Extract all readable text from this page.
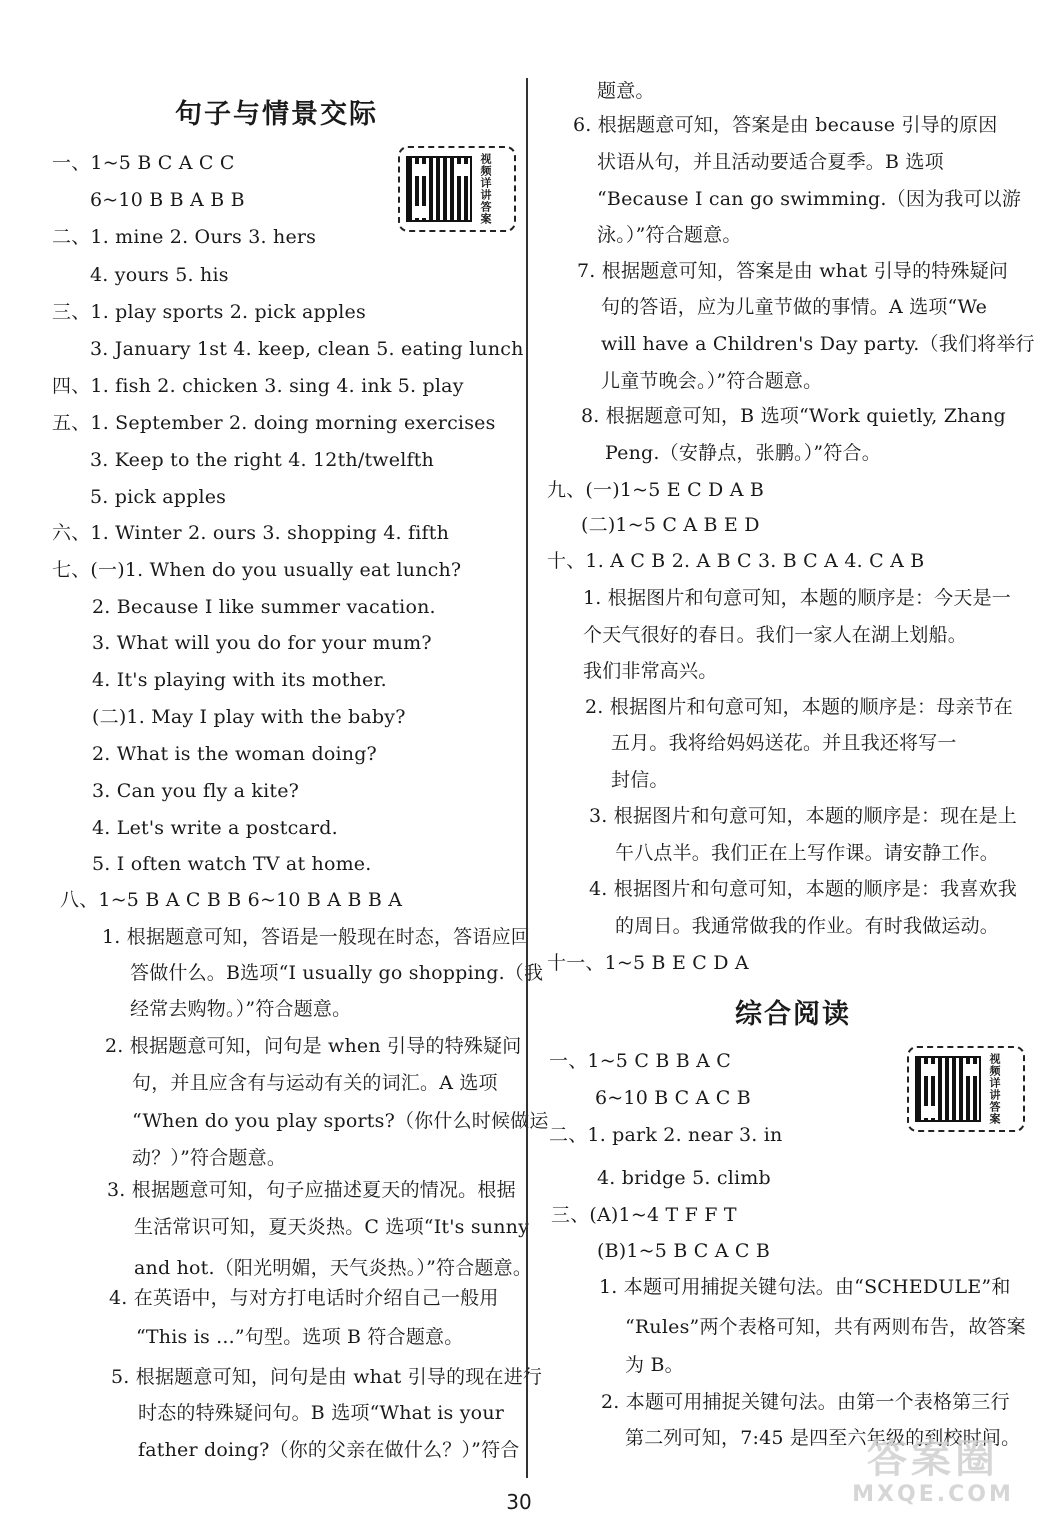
句子与情景交际
视频详讲答案
一、1~5 B C A C C
6~10 B B A B B
二、1. mine 2. Ours 3. hers
4. yours 5. his
三、1. play sports 2. pick apples
3. January 1st 4. keep, clean 5. eating lunch
四、1. fish 2. chicken 3. sing 4. ink 5. play
五、1. September 2. doing morning exercises
3. Keep to the right 4. 12th/twelfth
5. pick apples
六、1. Winter 2. ours 3. shopping 4. fifth
七、(一)1. When do you usually eat lunch?
2. Because I like summer vacation.
3. What will you do for your mum?
4. It's playing with its mother.
(二)1. May I play with the baby?
2. What is the woman doing?
3. Can you fly a kite?
4. Let's write a postcard.
5. I often watch TV at home.
八、1~5 B A C B B 6~10 B A B B A
1. 根据题意可知，答语是一般现在时态，答语应回
答做什么。B选项“I usually go shopping.（我
经常去购物。）”符合题意。
2. 根据题意可知，问句是 when 引导的特殊疑问
句，并且应含有与运动有关的词汇。A 选项
“When do you play sports?（你什么时候做运
动？）”符合题意。
3. 根据题意可知，句子应描述夏天的情况。根据
生活常识可知，夏天炎热。C 选项“It's sunny
and hot.（阳光明媚，天气炎热。）”符合题意。
4. 在英语中，与对方打电话时介绍自己一般用
“This is ...”句型。选项 B 符合题意。
5. 根据题意可知，问句是由 what 引导的现在进行
时态的特殊疑问句。B 选项“What is your
father doing?（你的父亲在做什么？）”符合
题意。
6. 根据题意可知，答案是由 because 引导的原因
状语从句，并且活动要适合夏季。B 选项
“Because I can go swimming.（因为我可以游
泳。）”符合题意。
7. 根据题意可知，答案是由 what 引导的特殊疑问
句的答语，应为儿童节做的事情。A 选项“We
will have a Children's Day party.（我们将举行
儿童节晚会。）”符合题意。
8. 根据题意可知，B 选项“Work quietly, Zhang
Peng.（安静点，张鹏。）”符合。
九、(一)1~5 E C D A B
(二)1~5 C A B E D
十、1. A C B 2. A B C 3. B C A 4. C A B
1. 根据图片和句意可知，本题的顺序是：今天是一
个天气很好的春日。我们一家人在湖上划船。
我们非常高兴。
2. 根据图片和句意可知，本题的顺序是：母亲节在
五月。我将给妈妈送花。并且我还将写一
封信。
3. 根据图片和句意可知，本题的顺序是：现在是上
午八点半。我们正在上写作课。请安静工作。
4. 根据图片和句意可知，本题的顺序是：我喜欢我
的周日。我通常做我的作业。有时我做运动。
十一、1~5 B E C D A
综合阅读
视频详讲答案
一、1~5 C B B A C
6~10 B C A C B
二、1. park 2. near 3. in
4. bridge 5. climb
三、(A)1~4 T F F T
(B)1~5 B C A C B
1. 本题可用捕捉关键句法。由“SCHEDULE”和
“Rules”两个表格可知，共有两则布告，故答案
为 B。
2. 本题可用捕捉关键句法。由第一个表格第三行
第二列可知，7:45 是四至六年级的到校时间。
30
答案圈
MXQE.COM
